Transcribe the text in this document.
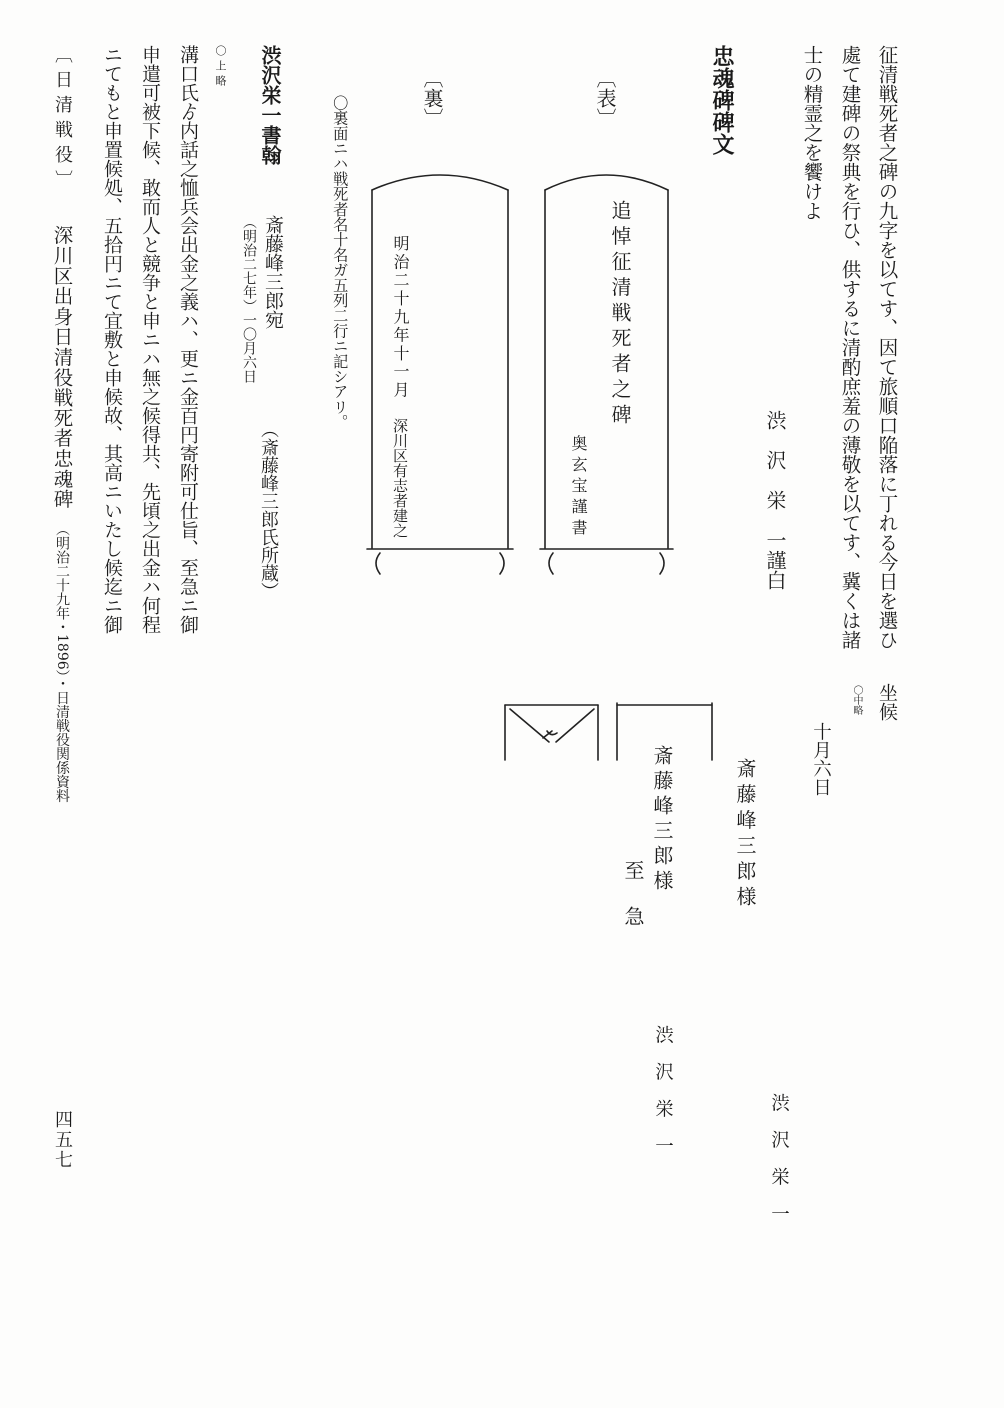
征清戦死者之碑の九字を以てす、因て旅順口陥落に丁れる今日を選ひ
處て建碑の祭典を行ひ、供するに清酌庶羞の薄敬を以てす、冀くは諸
士の精霊之を饗けよ
渋　沢　栄　一謹白
忠魂碑碑文
〔表〕
追悼征清戦死者之碑
奥玄宝謹書
〔裏〕
明治二十九年十一月
深川区有志者建之
〇裏面ニハ戦死者名十名ガ五列二行ニ記シアリ。
渋沢栄一書翰
斎藤峰三郎宛
（明治二七年）一〇月六日
（斎藤峰三郎氏所蔵）
〇上略
溝口氏ゟ内話之恤兵会出金之義ハ、更ニ金百円寄附可仕旨、至急ニ御
申遣可被下候、敢而人と競争と申ニハ無之候得共、先頃之出金ハ何程
ニてもと申置候処、五拾円ニて宜敷と申候故、其高ニいたし候迄ニ御
〔日清戦役〕
深川区出身日清役戦死者忠魂碑
（明治二十九年・1896）・日清戦役関係資料
四五七
坐候
〇中略
十月六日
斎藤峰三郎様
渋　沢　栄　一
斎藤峰三郎様
至　急
渋　沢　栄　一
